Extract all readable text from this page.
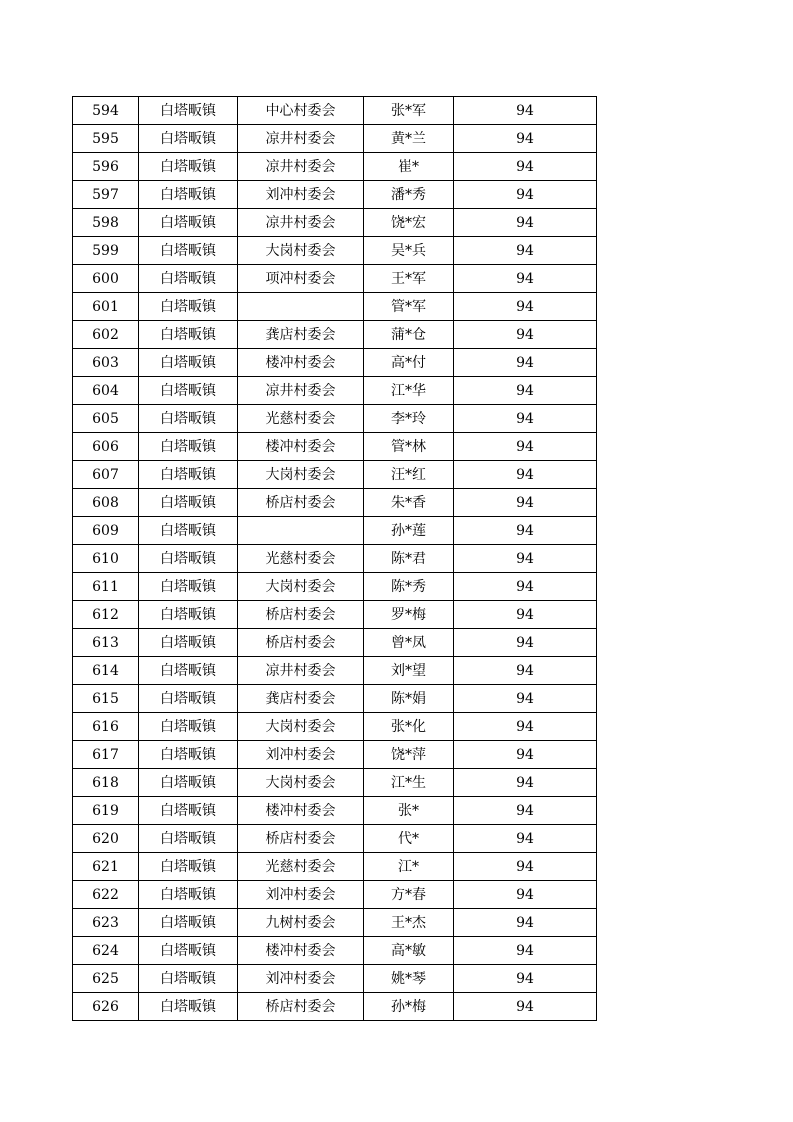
594	白塔畈镇	中心村委会	张*军	94
595	白塔畈镇	凉井村委会	黄*兰	94
596	白塔畈镇	凉井村委会	崔*	94
597	白塔畈镇	刘冲村委会	潘*秀	94
598	白塔畈镇	凉井村委会	饶*宏	94
599	白塔畈镇	大岗村委会	吴*兵	94
600	白塔畈镇	项冲村委会	王*军	94
601	白塔畈镇		管*军	94
602	白塔畈镇	龚店村委会	蒲*仓	94
603	白塔畈镇	楼冲村委会	高*付	94
604	白塔畈镇	凉井村委会	江*华	94
605	白塔畈镇	光慈村委会	李*玲	94
606	白塔畈镇	楼冲村委会	管*林	94
607	白塔畈镇	大岗村委会	汪*红	94
608	白塔畈镇	桥店村委会	朱*香	94
609	白塔畈镇		孙*莲	94
610	白塔畈镇	光慈村委会	陈*君	94
611	白塔畈镇	大岗村委会	陈*秀	94
612	白塔畈镇	桥店村委会	罗*梅	94
613	白塔畈镇	桥店村委会	曾*凤	94
614	白塔畈镇	凉井村委会	刘*望	94
615	白塔畈镇	龚店村委会	陈*娟	94
616	白塔畈镇	大岗村委会	张*化	94
617	白塔畈镇	刘冲村委会	饶*萍	94
618	白塔畈镇	大岗村委会	江*生	94
619	白塔畈镇	楼冲村委会	张*	94
620	白塔畈镇	桥店村委会	代*	94
621	白塔畈镇	光慈村委会	江*	94
622	白塔畈镇	刘冲村委会	方*春	94
623	白塔畈镇	九树村委会	王*杰	94
624	白塔畈镇	楼冲村委会	高*敏	94
625	白塔畈镇	刘冲村委会	姚*琴	94
626	白塔畈镇	桥店村委会	孙*梅	94
